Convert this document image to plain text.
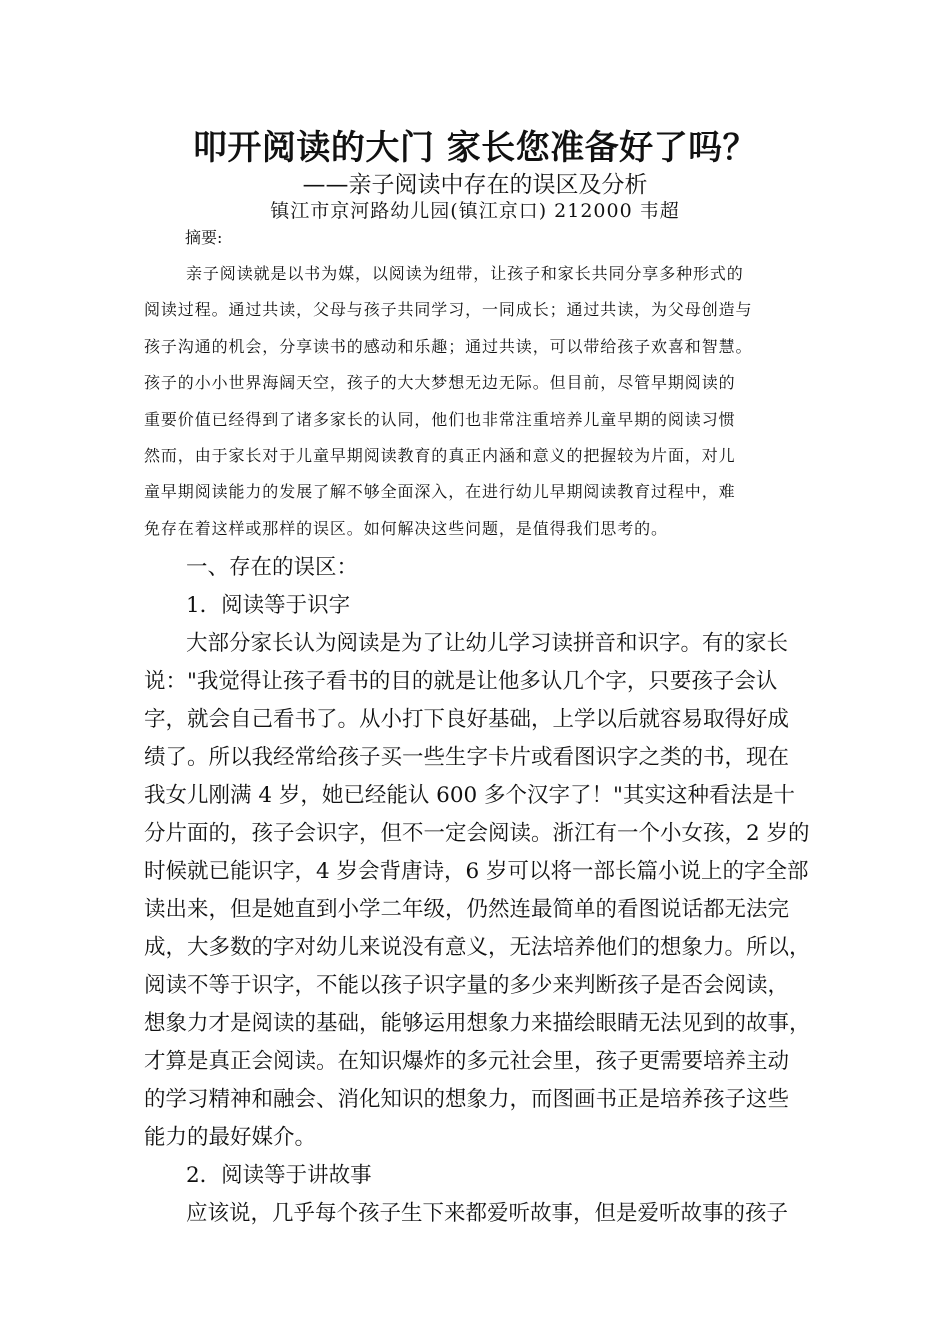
叩开阅读的大门 家长您准备好了吗？
——亲子阅读中存在的误区及分析
镇江市京河路幼儿园(镇江京口) 212000 韦超
摘要:
亲子阅读就是以书为媒，以阅读为纽带，让孩子和家长共同分享多种形式的
阅读过程。通过共读，父母与孩子共同学习，一同成长；通过共读，为父母创造与
孩子沟通的机会，分享读书的感动和乐趣；通过共读，可以带给孩子欢喜和智慧。
孩子的小小世界海阔天空，孩子的大大梦想无边无际。但目前，尽管早期阅读的
重要价值已经得到了诸多家长的认同，他们也非常注重培养儿童早期的阅读习惯
然而，由于家长对于儿童早期阅读教育的真正内涵和意义的把握较为片面，对儿
童早期阅读能力的发展了解不够全面深入，在进行幼儿早期阅读教育过程中，难
免存在着这样或那样的误区。如何解决这些问题，是值得我们思考的。
一、存在的误区：
1．阅读等于识字
大部分家长认为阅读是为了让幼儿学习读拼音和识字。有的家长
说："我觉得让孩子看书的目的就是让他多认几个字，只要孩子会认
字，就会自己看书了。从小打下良好基础，上学以后就容易取得好成
绩了。所以我经常给孩子买一些生字卡片或看图识字之类的书，现在
我女儿刚满 4 岁，她已经能认 600 多个汉字了！"其实这种看法是十
分片面的，孩子会识字，但不一定会阅读。浙江有一个小女孩，2 岁的
时候就已能识字，4 岁会背唐诗，6 岁可以将一部长篇小说上的字全部
读出来，但是她直到小学二年级，仍然连最简单的看图说话都无法完
成，大多数的字对幼儿来说没有意义，无法培养他们的想象力。所以，
阅读不等于识字，不能以孩子识字量的多少来判断孩子是否会阅读，
想象力才是阅读的基础，能够运用想象力来描绘眼睛无法见到的故事，
才算是真正会阅读。在知识爆炸的多元社会里，孩子更需要培养主动
的学习精神和融会、消化知识的想象力，而图画书正是培养孩子这些
能力的最好媒介。
2．阅读等于讲故事
应该说，几乎每个孩子生下来都爱听故事，但是爱听故事的孩子
